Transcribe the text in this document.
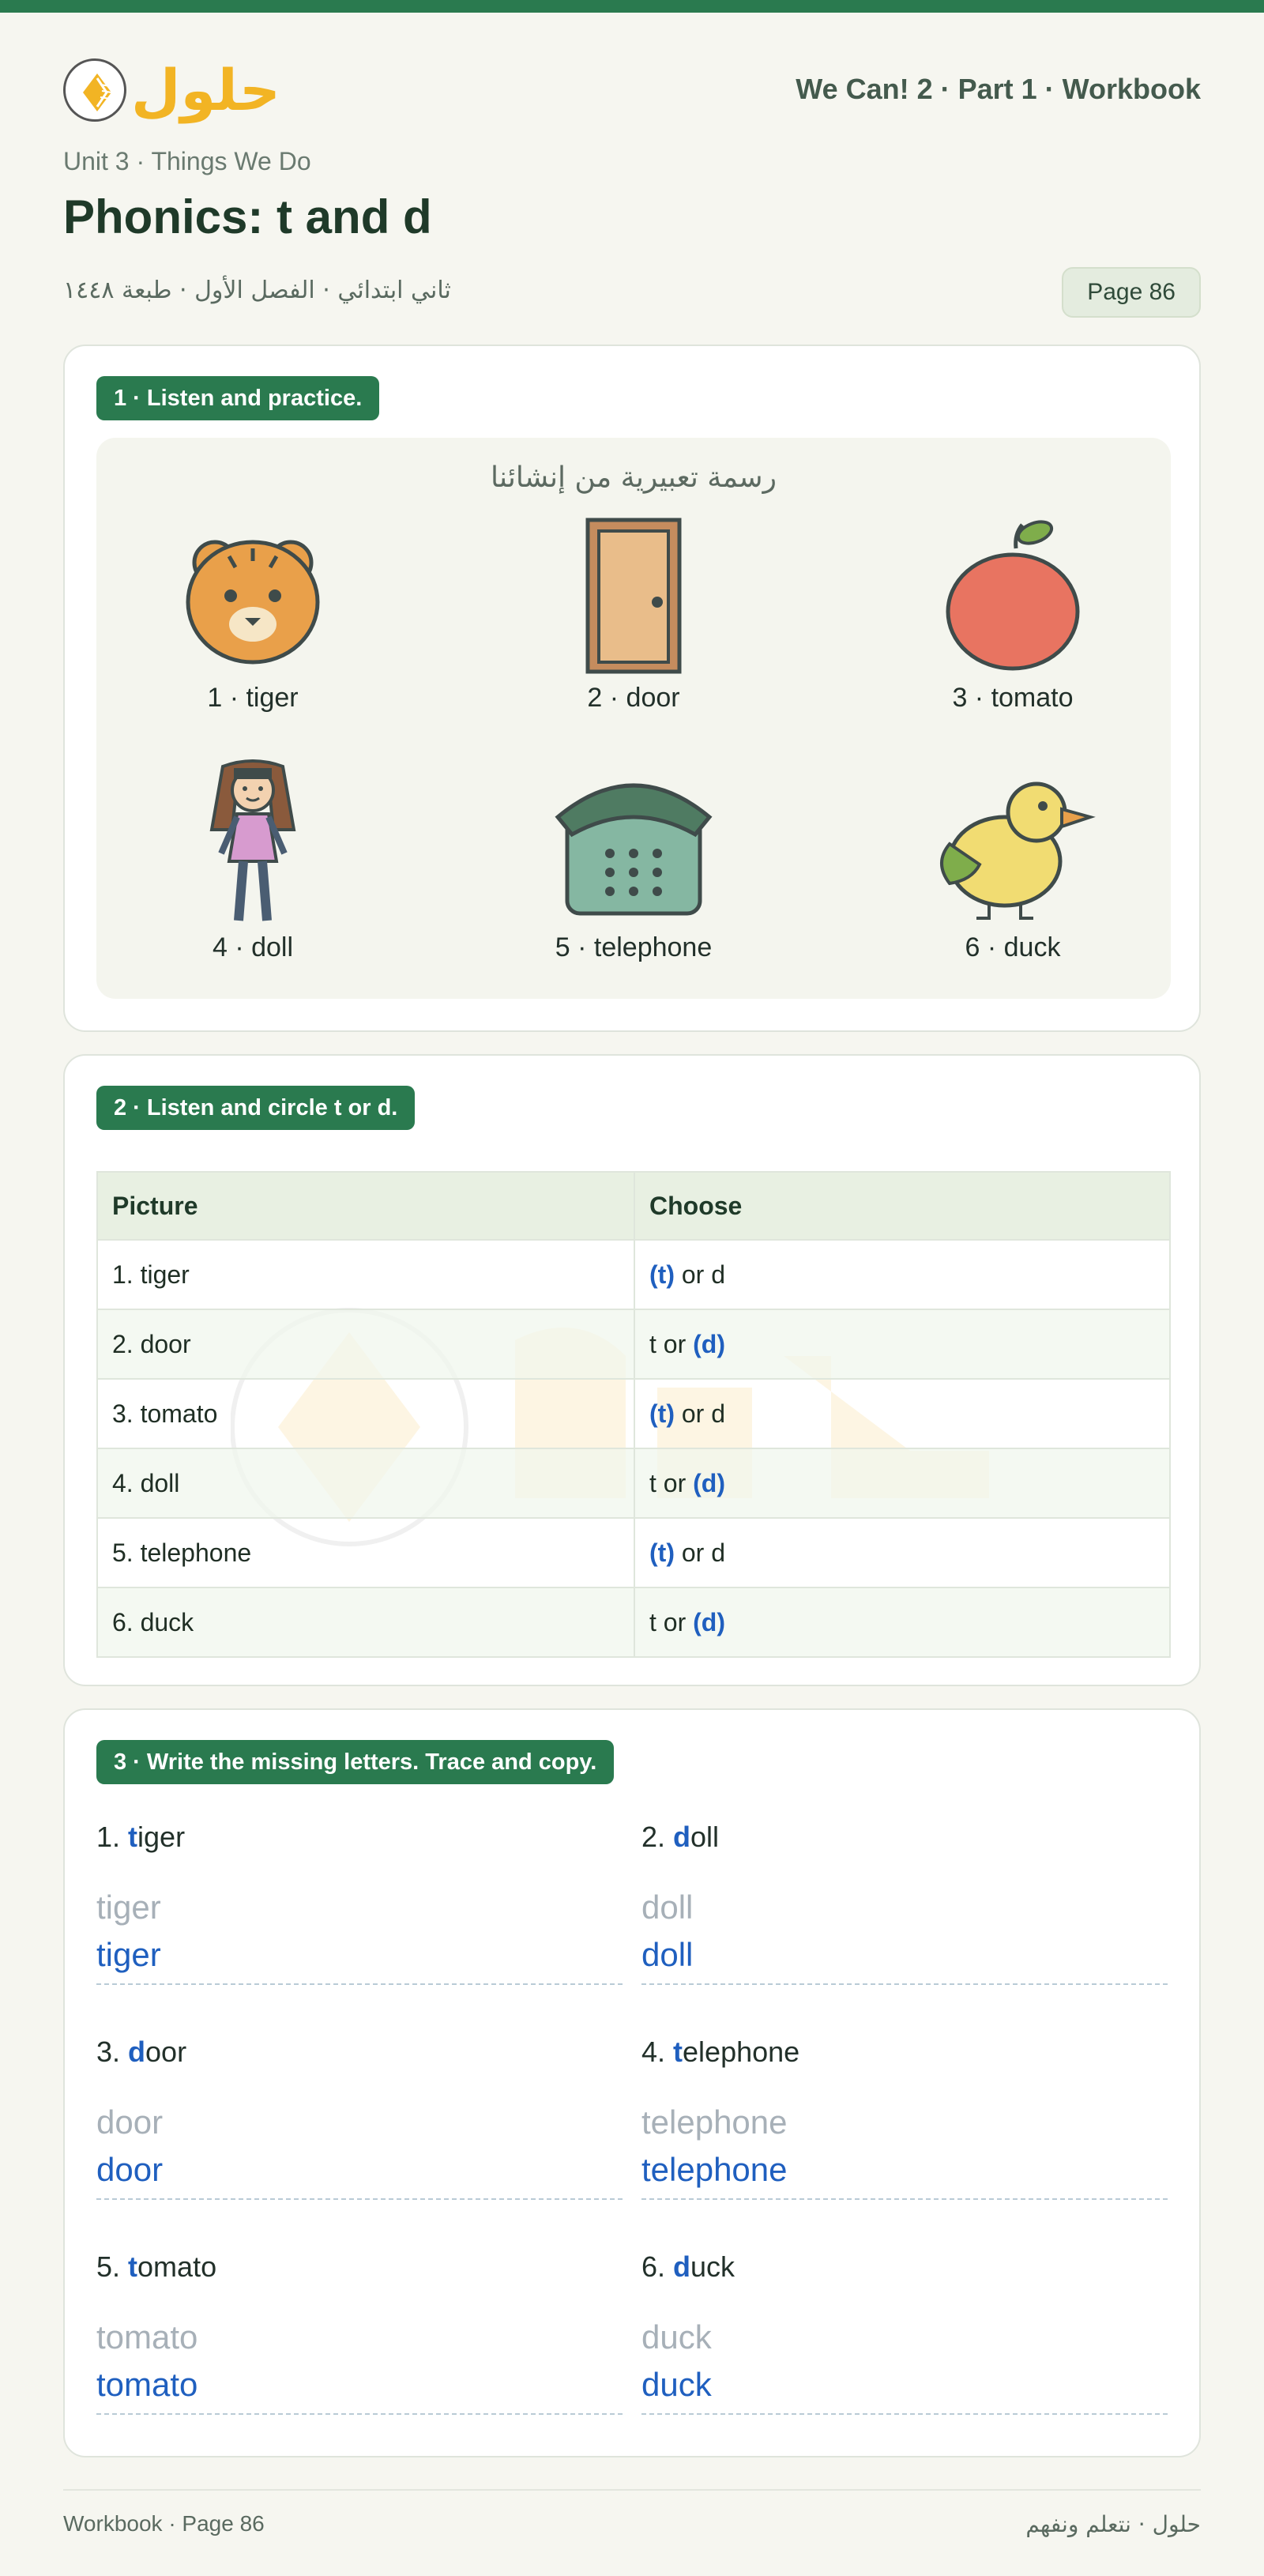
حلول	We Can! 2 · Part 1 · Workbook
Unit 3 · Things We Do
Phonics: t and d
ثاني ابتدائي · الفصل الأول · طبعة ١٤٤٨	Page 86
1 · Listen and practice.
رسمة تعبيرية من إنشائنا
1 · tiger	2 · door	3 · tomato
4 · doll	5 · telephone	6 · duck
2 · Listen and circle t or d.
Picture	Choose
1. tiger	(t) or d
2. door	t or (d)
3. tomato	(t) or d
4. doll	t or (d)
5. telephone	(t) or d
6. duck	t or (d)
3 · Write the missing letters. Trace and copy.
1. tiger
tiger
tiger
2. doll
doll
doll
3. door
door
door
4. telephone
telephone
telephone
5. tomato
tomato
tomato
6. duck
duck
duck
Workbook · Page 86	حلول · نتعلم ونفهم
